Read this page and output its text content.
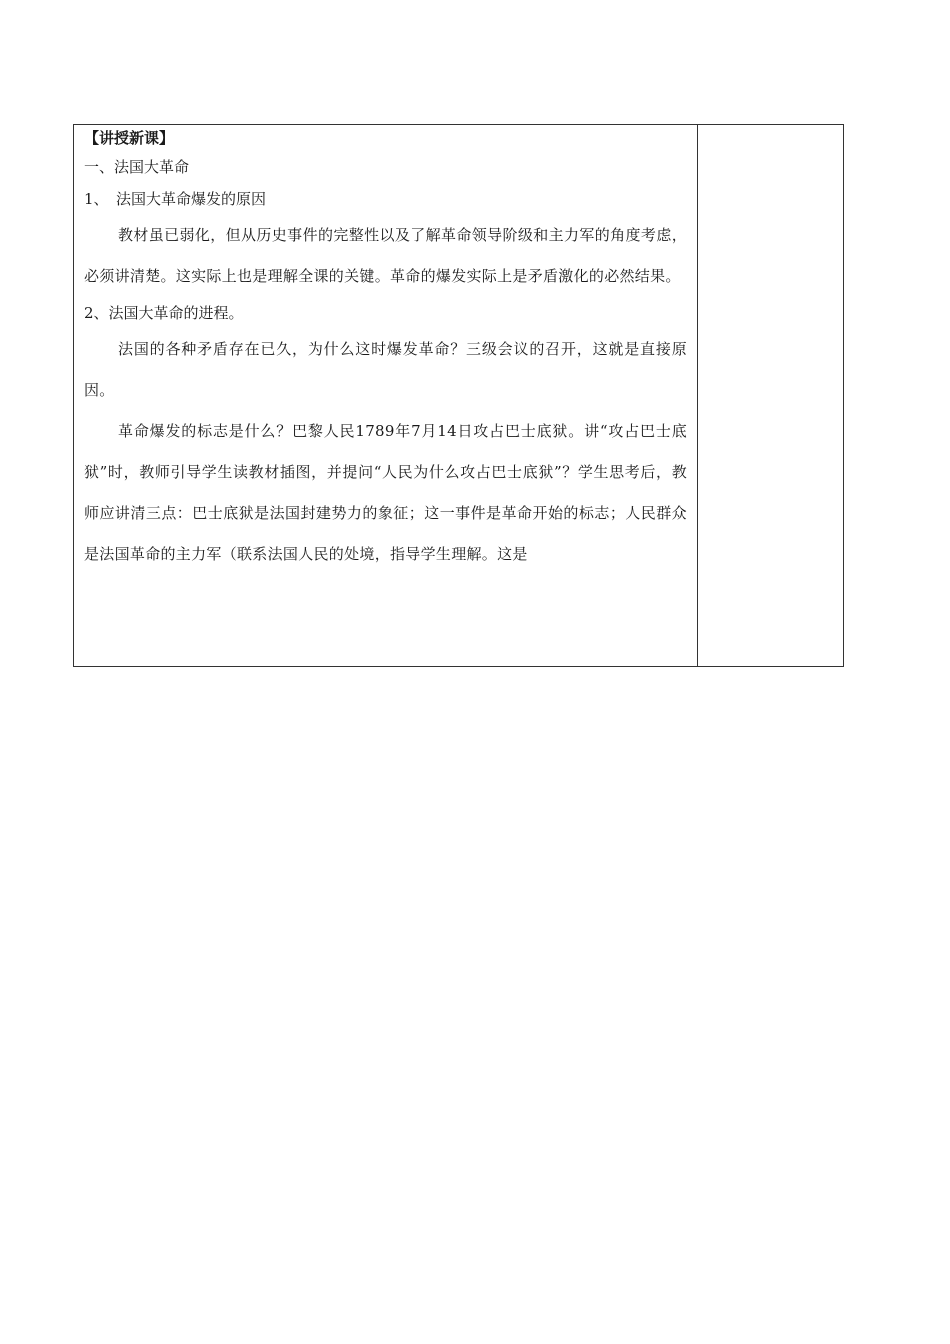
【讲授新课】

一、法国大革命

1、　法国大革命爆发的原因

教材虽已弱化，但从历史事件的完整性以及了解革命领导阶级和主力军的角度考虑，必须讲清楚。这实际上也是理解全课的关键。革命的爆发实际上是矛盾激化的必然结果。

2、法国大革命的进程。

法国的各种矛盾存在已久，为什么这时爆发革命？三级会议的召开，这就是直接原因。

革命爆发的标志是什么？巴黎人民1789年7月14日攻占巴士底狱。讲“攻占巴士底狱”时，教师引导学生读教材插图，并提问“人民为什么攻占巴士底狱”？学生思考后，教师应讲清三点：巴士底狱是法国封建势力的象征；这一事件是革命开始的标志；人民群众是法国革命的主力军（联系法国人民的处境，指导学生理解。这是
